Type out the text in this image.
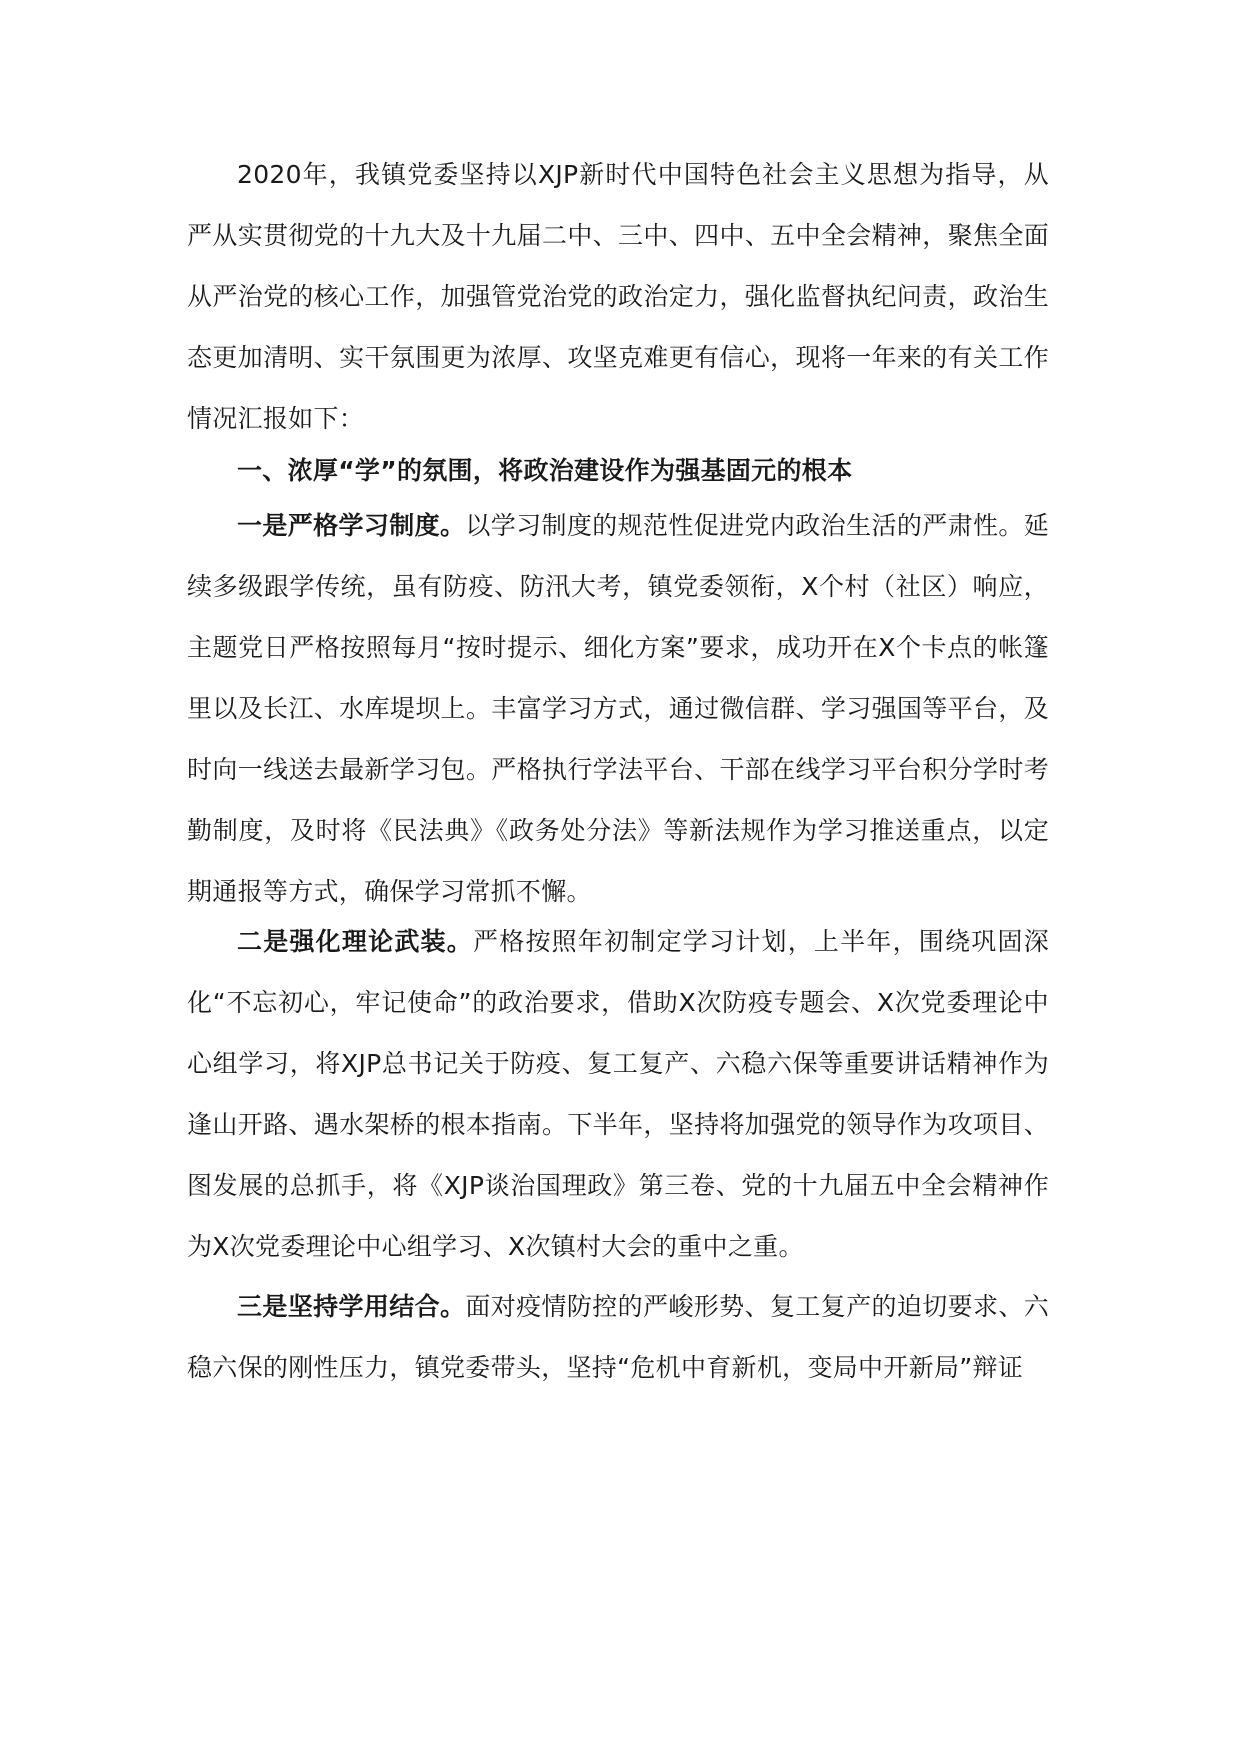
2020年，我镇党委坚持以XJP新时代中国特色社会主义思想为指导，从严从实贯彻党的十九大及十九届二中、三中、四中、五中全会精神，聚焦全面从严治党的核心工作，加强管党治党的政治定力，强化监督执纪问责，政治生态更加清明、实干氛围更为浓厚、攻坚克难更有信心，现将一年来的有关工作情况汇报如下：

一、浓厚“学”的氛围，将政治建设作为强基固元的根本

一是严格学习制度。以学习制度的规范性促进党内政治生活的严肃性。延续多级跟学传统，虽有防疫、防汛大考，镇党委领衔，X个村（社区）响应，主题党日严格按照每月“按时提示、细化方案”要求，成功开在X个卡点的帐篷里以及长江、水库堤坝上。丰富学习方式，通过微信群、学习强国等平台，及时向一线送去最新学习包。严格执行学法平台、干部在线学习平台积分学时考勤制度，及时将《民法典》《政务处分法》等新法规作为学习推送重点，以定期通报等方式，确保学习常抓不懈。

二是强化理论武装。严格按照年初制定学习计划，上半年，围绕巩固深化“不忘初心，牢记使命”的政治要求，借助X次防疫专题会、X次党委理论中心组学习，将XJP总书记关于防疫、复工复产、六稳六保等重要讲话精神作为逢山开路、遇水架桥的根本指南。下半年，坚持将加强党的领导作为攻项目、图发展的总抓手，将《XJP谈治国理政》第三卷、党的十九届五中全会精神作为X次党委理论中心组学习、X次镇村大会的重中之重。

三是坚持学用结合。面对疫情防控的严峻形势、复工复产的迫切要求、六稳六保的刚性压力，镇党委带头，坚持“危机中育新机，变局中开新局”辩证
